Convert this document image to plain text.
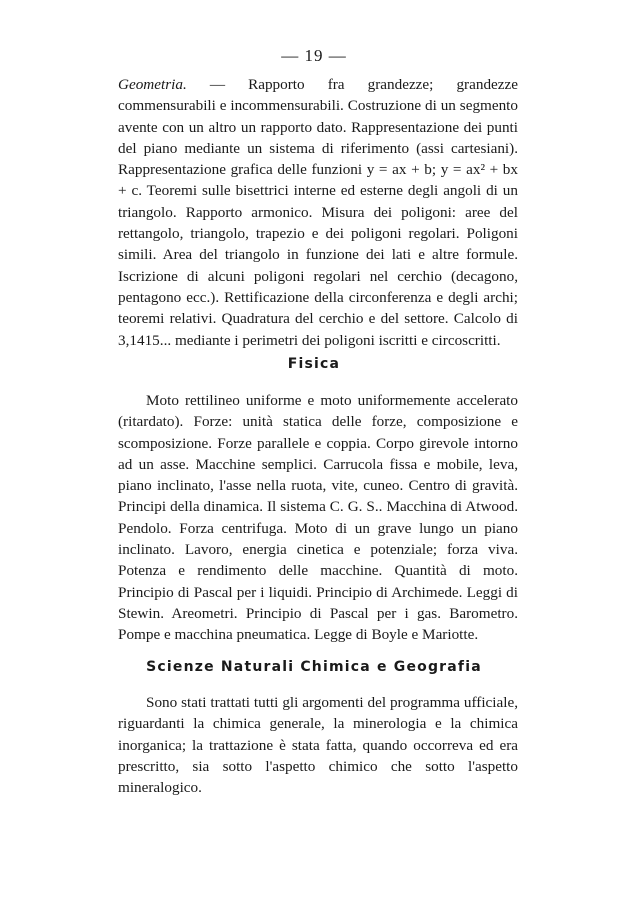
— 19 —
Geometria. — Rapporto fra grandezze; grandezze commensurabili e incommensurabili. Costruzione di un segmento avente con un altro un rapporto dato. Rappresentazione dei punti del piano mediante un sistema di riferimento (assi cartesiani). Rappresentazione grafica delle funzioni y = ax + b; y = ax² + bx + c. Teoremi sulle bisettrici interne ed esterne degli angoli di un triangolo. Rapporto armonico. Misura dei poligoni: aree del rettangolo, triangolo, trapezio e dei poligoni regolari. Poligoni simili. Area del triangolo in funzione dei lati e altre formule. Iscrizione di alcuni poligoni regolari nel cerchio (decagono, pentagono ecc.). Rettificazione della circonferenza e degli archi; teoremi relativi. Quadratura del cerchio e del settore. Calcolo di 3,1415... mediante i perimetri dei poligoni iscritti e circoscritti.
Fisica
Moto rettilineo uniforme e moto uniformemente accelerato (ritardato). Forze: unità statica delle forze, composizione e scomposizione. Forze parallele e coppia. Corpo girevole intorno ad un asse. Macchine semplici. Carrucola fissa e mobile, leva, piano inclinato, l'asse nella ruota, vite, cuneo. Centro di gravità. Principi della dinamica. Il sistema C. G. S.. Macchina di Atwood. Pendolo. Forza centrifuga. Moto di un grave lungo un piano inclinato. Lavoro, energia cinetica e potenziale; forza viva. Potenza e rendimento delle macchine. Quantità di moto. Principio di Pascal per i liquidi. Principio di Archimede. Leggi di Stewin. Areometri. Principio di Pascal per i gas. Barometro. Pompe e macchina pneumatica. Legge di Boyle e Mariotte.
Scienze Naturali Chimica e Geografia
Sono stati trattati tutti gli argomenti del programma ufficiale, riguardanti la chimica generale, la minerologia e la chimica inorganica; la trattazione è stata fatta, quando occorreva ed era prescritto, sia sotto l'aspetto chimico che sotto l'aspetto mineralogico.
